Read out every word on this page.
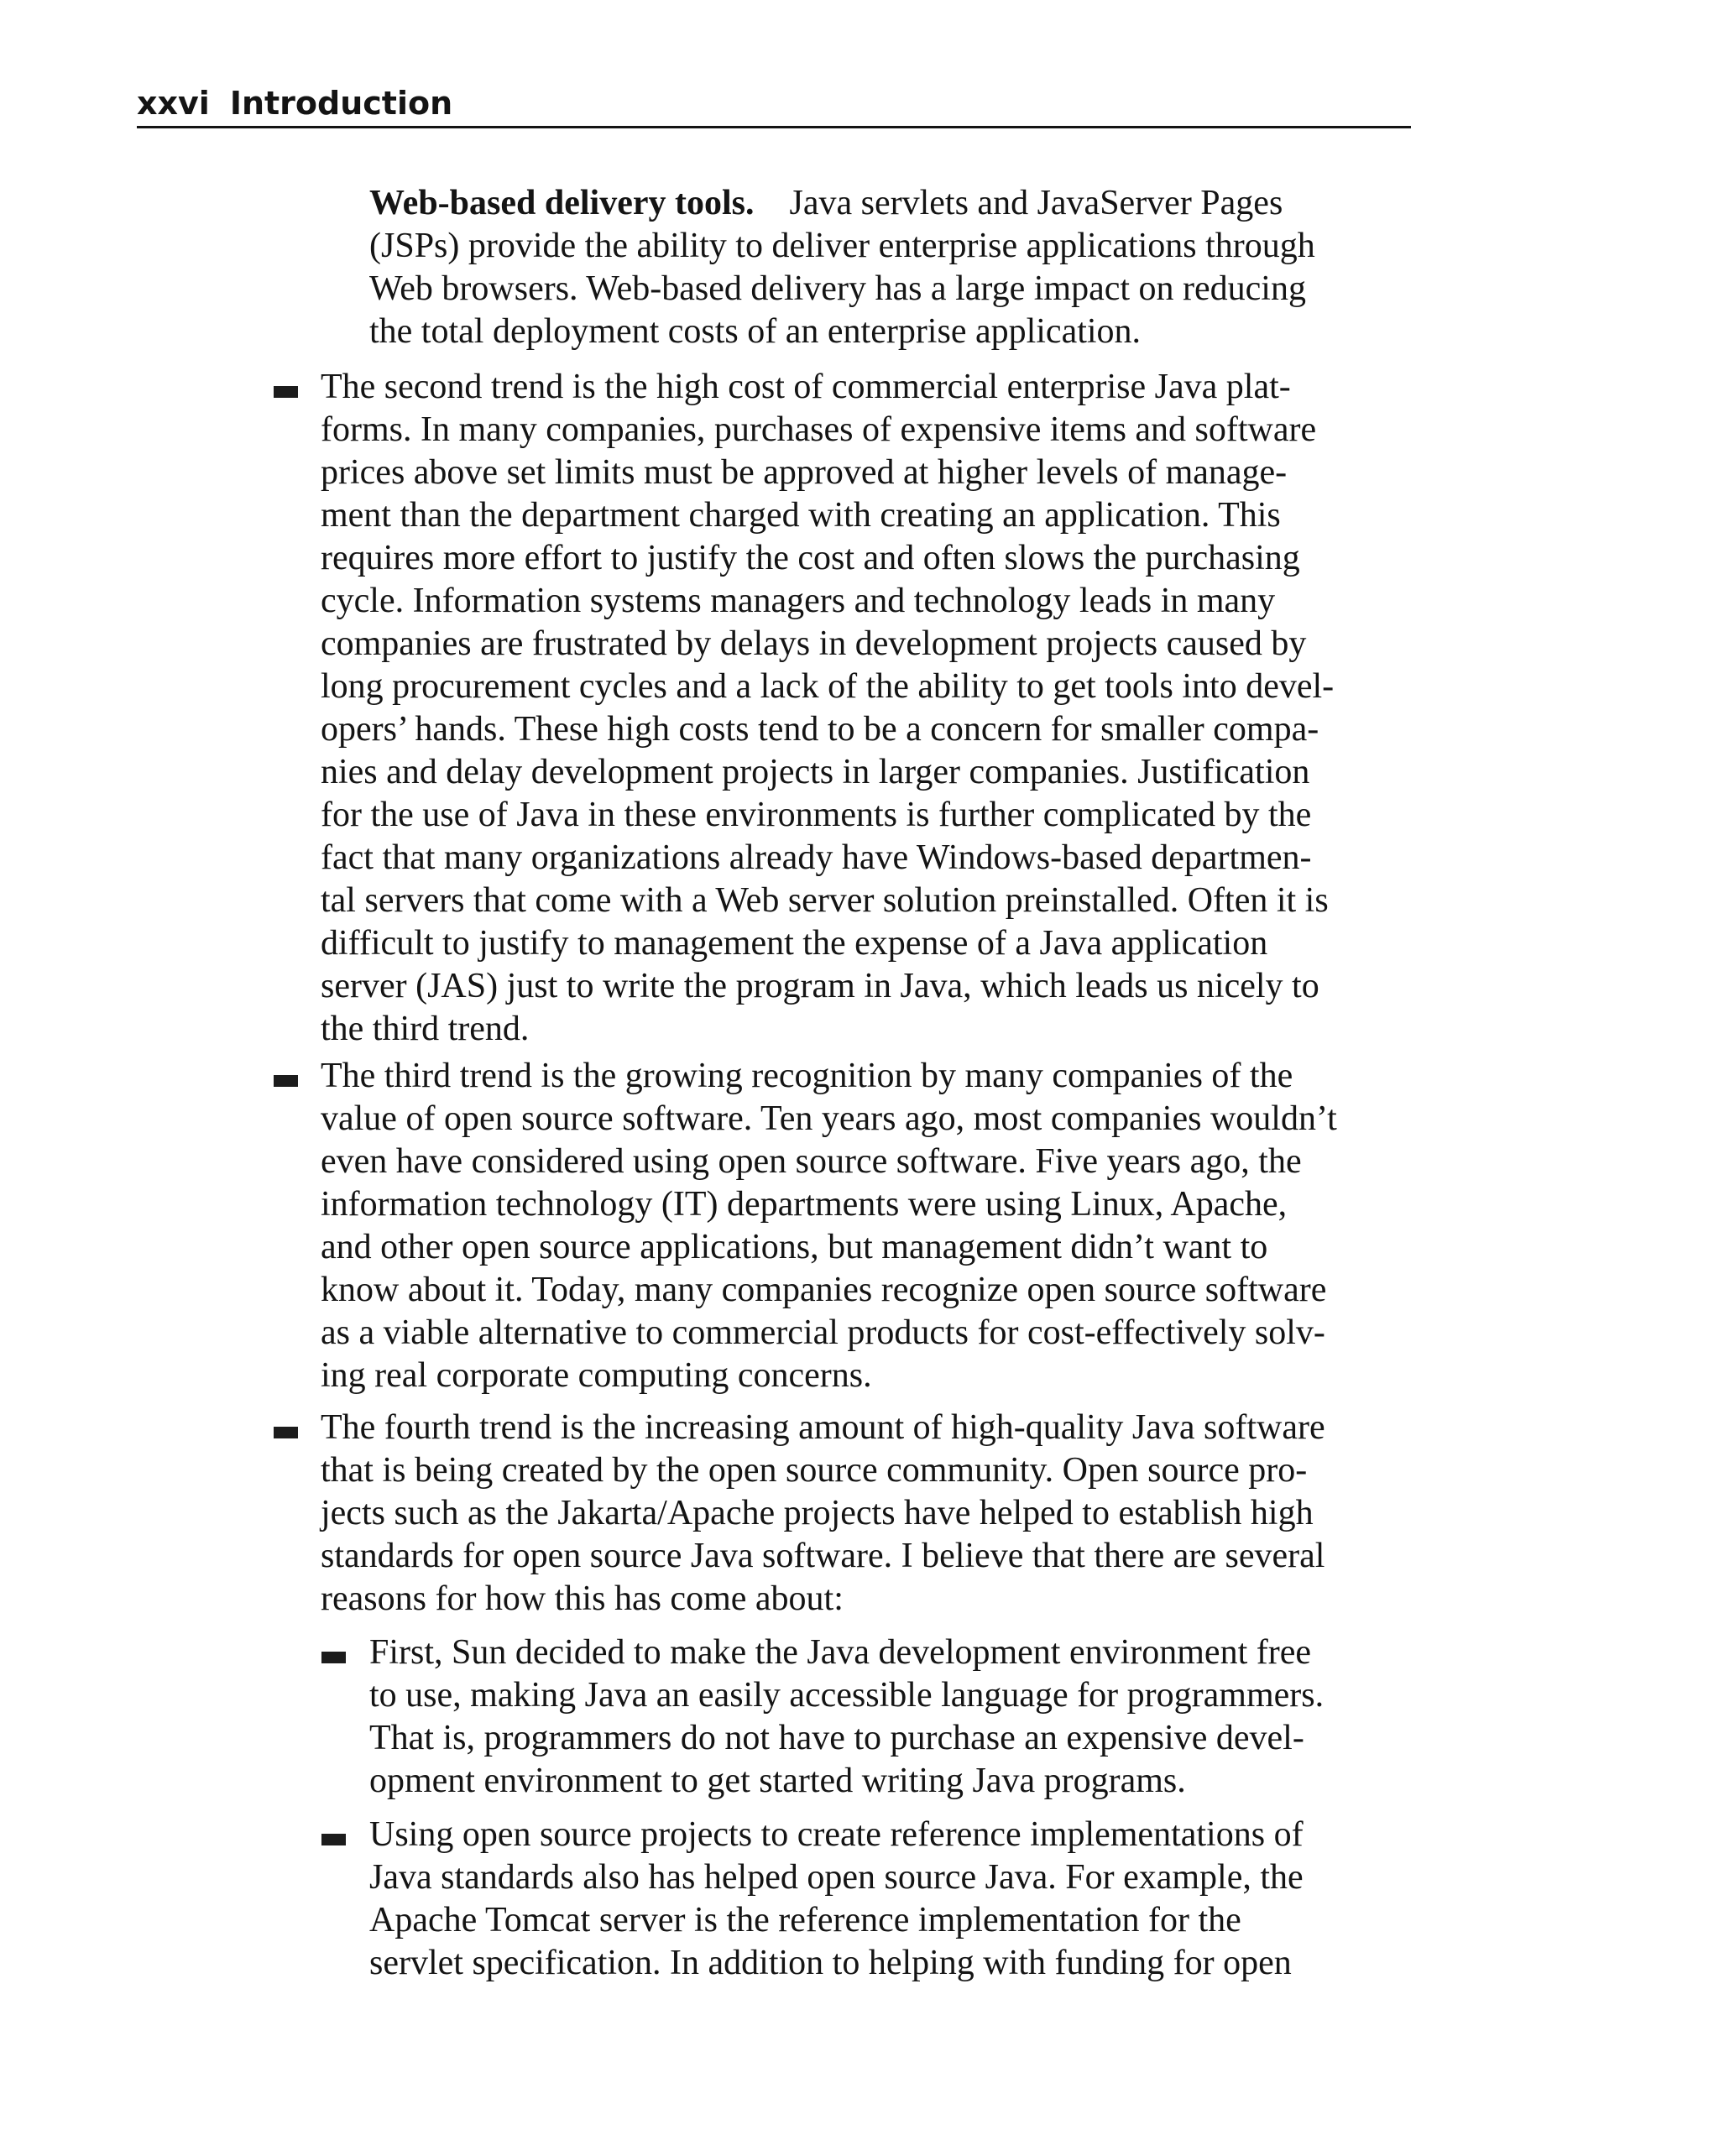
xxvi Introduction
Web-based delivery tools. Java servlets and JavaServer Pages
(JSPs) provide the ability to deliver enterprise applications through
Web browsers. Web-based delivery has a large impact on reducing
the total deployment costs of an enterprise application.
The second trend is the high cost of commercial enterprise Java plat-
forms. In many companies, purchases of expensive items and software
prices above set limits must be approved at higher levels of manage-
ment than the department charged with creating an application. This
requires more effort to justify the cost and often slows the purchasing
cycle. Information systems managers and technology leads in many
companies are frustrated by delays in development projects caused by
long procurement cycles and a lack of the ability to get tools into devel-
opers’ hands. These high costs tend to be a concern for smaller compa-
nies and delay development projects in larger companies. Justification
for the use of Java in these environments is further complicated by the
fact that many organizations already have Windows-based departmen-
tal servers that come with a Web server solution preinstalled. Often it is
difficult to justify to management the expense of a Java application
server (JAS) just to write the program in Java, which leads us nicely to
the third trend.
The third trend is the growing recognition by many companies of the
value of open source software. Ten years ago, most companies wouldn’t
even have considered using open source software. Five years ago, the
information technology (IT) departments were using Linux, Apache,
and other open source applications, but management didn’t want to
know about it. Today, many companies recognize open source software
as a viable alternative to commercial products for cost-effectively solv-
ing real corporate computing concerns.
The fourth trend is the increasing amount of high-quality Java software
that is being created by the open source community. Open source pro-
jects such as the Jakarta/Apache projects have helped to establish high
standards for open source Java software. I believe that there are several
reasons for how this has come about:
First, Sun decided to make the Java development environment free
to use, making Java an easily accessible language for programmers.
That is, programmers do not have to purchase an expensive devel-
opment environment to get started writing Java programs.
Using open source projects to create reference implementations of
Java standards also has helped open source Java. For example, the
Apache Tomcat server is the reference implementation for the
servlet specification. In addition to helping with funding for open
